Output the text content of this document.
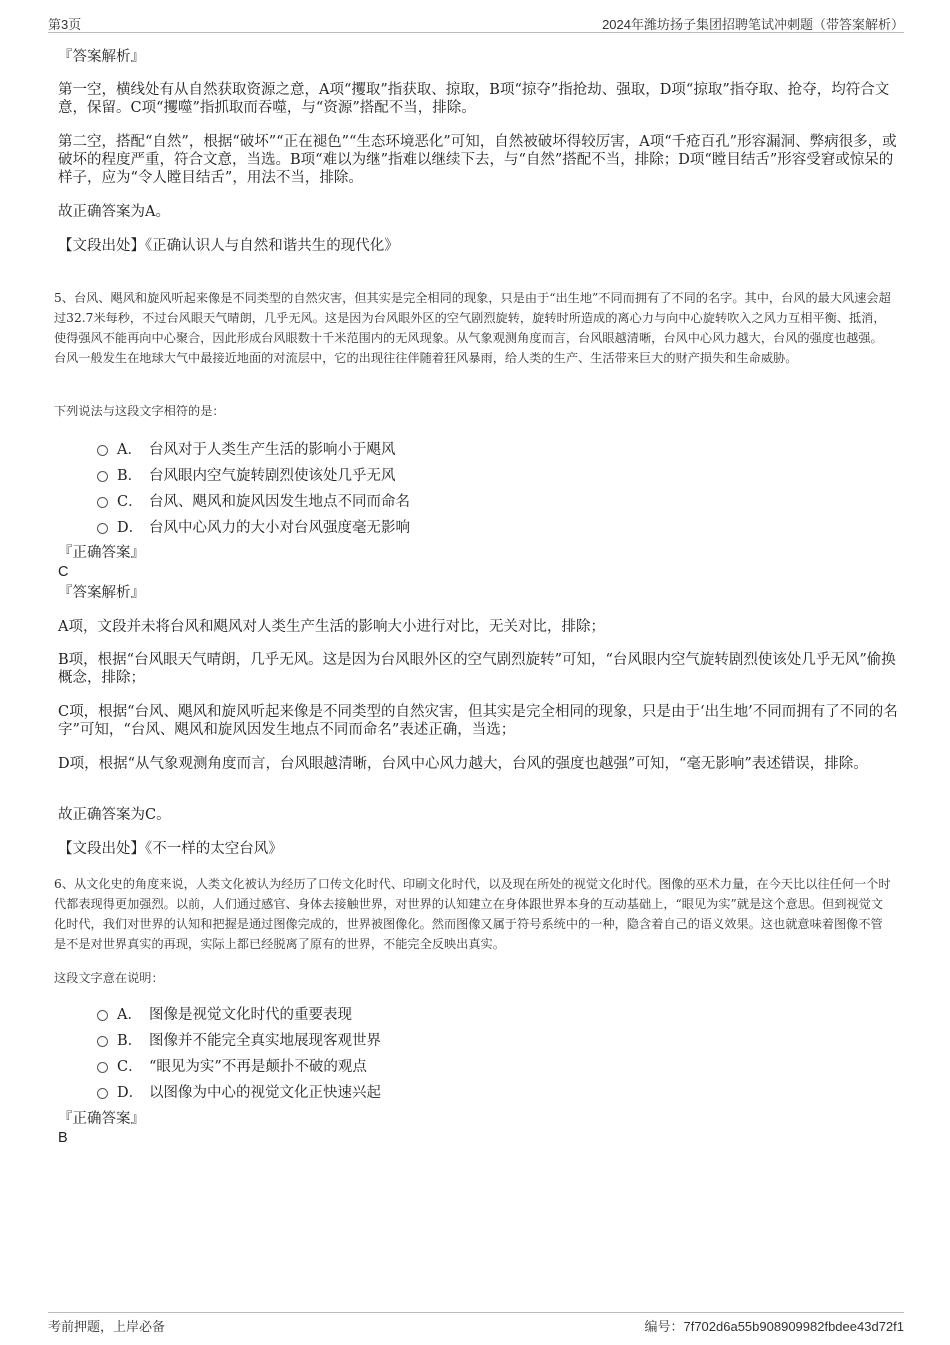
第3页	2024年潍坊扬子集团招聘笔试冲刺题（带答案解析）
『答案解析』
第一空，横线处有从自然获取资源之意，A项“攫取”指获取、掠取，B项“掠夺”指抢劫、强取，D项“掠取”指夺取、抢夺，均符合文意，保留。C项“攫噬”指抓取而吞噬，与“资源”搭配不当，排除。
第二空，搭配“自然”，根据“破坏”“正在褪色”“生态环境恶化”可知，自然被破坏得较厉害，A项“千疮百孔”形容漏洞、弊病很多，或破坏的程度严重，符合文意，当选。B项“难以为继”指难以继续下去，与“自然”搭配不当，排除；D项“瞠目结舌”形容受窘或惊呆的样子，应为“令人瞠目结舌”，用法不当，排除。
故正确答案为A。
【文段出处】《正确认识人与自然和谐共生的现代化》
5、台风、飓风和旋风听起来像是不同类型的自然灾害，但其实是完全相同的现象，只是由于“出生地”不同而拥有了不同的名字。其中，台风的最大风速会超过32.7米每秒，不过台风眼天气晴朗，几乎无风。这是因为台风眼外区的空气剧烈旋转，旋转时所造成的离心力与向中心旋转吹入之风力互相平衡、抵消，使得强风不能再向中心聚合，因此形成台风眼数十千米范围内的无风现象。从气象观测角度而言，台风眼越清晰，台风中心风力越大，台风的强度也越强。台风一般发生在地球大气中最接近地面的对流层中，它的出现往往伴随着狂风暴雨，给人类的生产、生活带来巨大的财产损失和生命威胁。
下列说法与这段文字相符的是：
A． 台风对于人类生产生活的影响小于飓风
B． 台风眼内空气旋转剧烈使该处几乎无风
C． 台风、飓风和旋风因发生地点不同而命名
D． 台风中心风力的大小对台风强度毫无影响
『正确答案』
C
『答案解析』
A项，文段并未将台风和飓风对人类生产生活的影响大小进行对比，无关对比，排除；
B项，根据“台风眼天气晴朗，几乎无风。这是因为台风眼外区的空气剧烈旋转”可知，“台风眼内空气旋转剧烈使该处几乎无风”偷换概念，排除；
C项，根据“台风、飓风和旋风听起来像是不同类型的自然灾害，但其实是完全相同的现象，只是由于‘出生地’不同而拥有了不同的名字”可知，“台风、飓风和旋风因发生地点不同而命名”表述正确，当选；
D项，根据“从气象观测角度而言，台风眼越清晰，台风中心风力越大，台风的强度也越强”可知，“毫无影响”表述错误，排除。
故正确答案为C。
【文段出处】《不一样的太空台风》
6、从文化史的角度来说，人类文化被认为经历了口传文化时代、印刷文化时代，以及现在所处的视觉文化时代。图像的巫术力量，在今天比以往任何一个时代都表现得更加强烈。以前，人们通过感官、身体去接触世界，对世界的认知建立在身体跟世界本身的互动基础上，“眼见为实”就是这个意思。但到视觉文化时代，我们对世界的认知和把握是通过图像完成的，世界被图像化。然而图像又属于符号系统中的一种，隐含着自己的语义效果。这也就意味着图像不管是不是对世界真实的再现，实际上都已经脱离了原有的世界，不能完全反映出真实。
这段文字意在说明：
A． 图像是视觉文化时代的重要表现
B． 图像并不能完全真实地展现客观世界
C． “眼见为实”不再是颠扑不破的观点
D． 以图像为中心的视觉文化正快速兴起
『正确答案』
B
考前押题，上岸必备	编号：7f702d6a55b908909982fbdee43d72f1
